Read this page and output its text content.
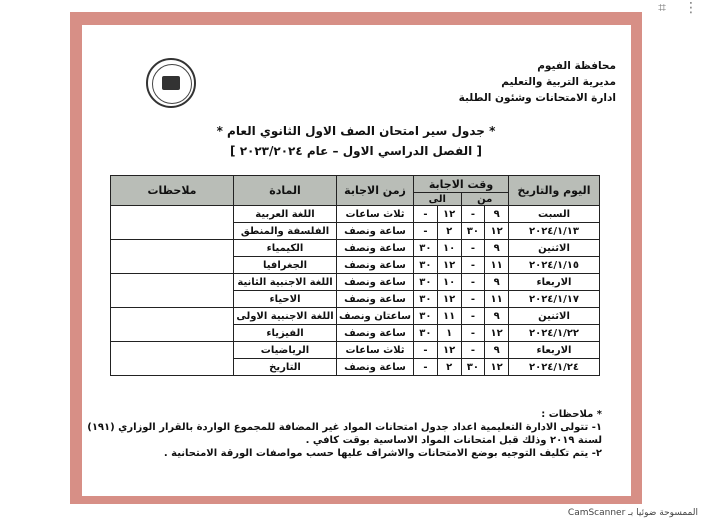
⌗ ⋮
محافظة الفيوم
مديرية التربية والتعليم
ادارة الامتحانات وشئون الطلبة
* جدول سير امتحان الصف الاول الثانوي العام *
[ الفصل الدراسي الاول – عام ٢٠٢٣/٢٠٢٤ ]
اليوم والتاريخ	وقت الاجابة				زمن الاجابة	المادة	ملاحظات
	من		الى				
السبت	٩	-	١٢	-	ثلاث ساعات	اللغة العربية	
٢٠٢٤/١/١٣	١٢	٣٠	٢	-	ساعة ونصف	الفلسفة والمنطق	
الاثنين	٩	-	١٠	٣٠	ساعة ونصف	الكيمياء	
٢٠٢٤/١/١٥	١١	-	١٢	٣٠	ساعة ونصف	الجغرافيا	
الاربعاء	٩	-	١٠	٣٠	ساعة ونصف	اللغة الاجنبية الثانية	
٢٠٢٤/١/١٧	١١	-	١٢	٣٠	ساعة ونصف	الاحياء	
الاثنين	٩	-	١١	٣٠	ساعتان ونصف	اللغة الاجنبية الاولى	
٢٠٢٤/١/٢٢	١٢	-	١	٣٠	ساعة ونصف	الفيزياء	
الاربعاء	٩	-	١٢	-	ثلاث ساعات	الرياضيات	
٢٠٢٤/١/٢٤	١٢	٣٠	٢	-	ساعة ونصف	التاريخ	
* ملاحظات :
١- تتولى الادارة التعليمية اعداد جدول امتحانات المواد غير المضافة للمجموع الواردة بالقرار الوزاري (١٩١) لسنة ٢٠١٩ وذلك قبل امتحانات المواد الاساسية بوقت كافي .
٢- يتم تكليف التوجيه بوضع الامتحانات والاشراف عليها حسب مواصفات الورقة الامتحانية .
الممسوحة ضوئيا بـ CamScanner
